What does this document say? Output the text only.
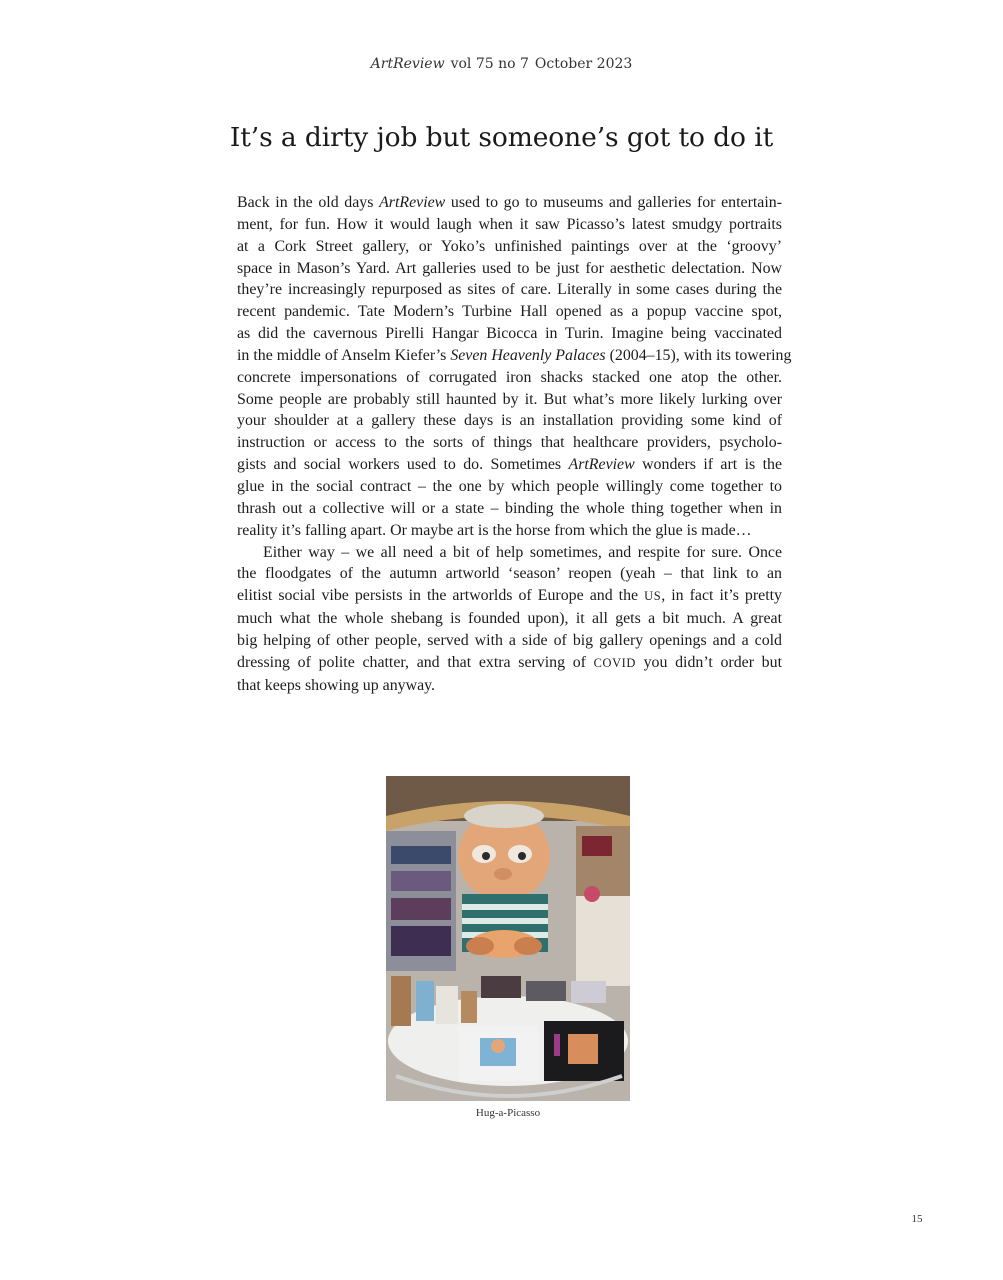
ArtReview vol 75 no 7 October 2023
It’s a dirty job but someone’s got to do it
Back in the old days ArtReview used to go to museums and galleries for entertain-
ment, for fun. How it would laugh when it saw Picasso’s latest smudgy portraits
at a Cork Street gallery, or Yoko’s unfinished paintings over at the ‘groovy’
space in Mason’s Yard. Art galleries used to be just for aesthetic delectation. Now
they’re increasingly repurposed as sites of care. Literally in some cases during the
recent pandemic. Tate Modern’s Turbine Hall opened as a popup vaccine spot,
as did the cavernous Pirelli Hangar Bicocca in Turin. Imagine being vaccinated
in the middle of Anselm Kiefer’s Seven Heavenly Palaces (2004–15), with its towering
concrete impersonations of corrugated iron shacks stacked one atop the other.
Some people are probably still haunted by it. But what’s more likely lurking over
your shoulder at a gallery these days is an installation providing some kind of
instruction or access to the sorts of things that healthcare providers, psycholo-
gists and social workers used to do. Sometimes ArtReview wonders if art is the
glue in the social contract – the one by which people willingly come together to
thrash out a collective will or a state – binding the whole thing together when in
reality it’s falling apart. Or maybe art is the horse from which the glue is made…
Either way – we all need a bit of help sometimes, and respite for sure. Once
the floodgates of the autumn artworld ‘season’ reopen (yeah – that link to an
elitist social vibe persists in the artworlds of Europe and the US, in fact it’s pretty
much what the whole shebang is founded upon), it all gets a bit much. A great
big helping of other people, served with a side of big gallery openings and a cold
dressing of polite chatter, and that extra serving of COVID you didn’t order but
that keeps showing up anyway.
Hug-a-Picasso
15
